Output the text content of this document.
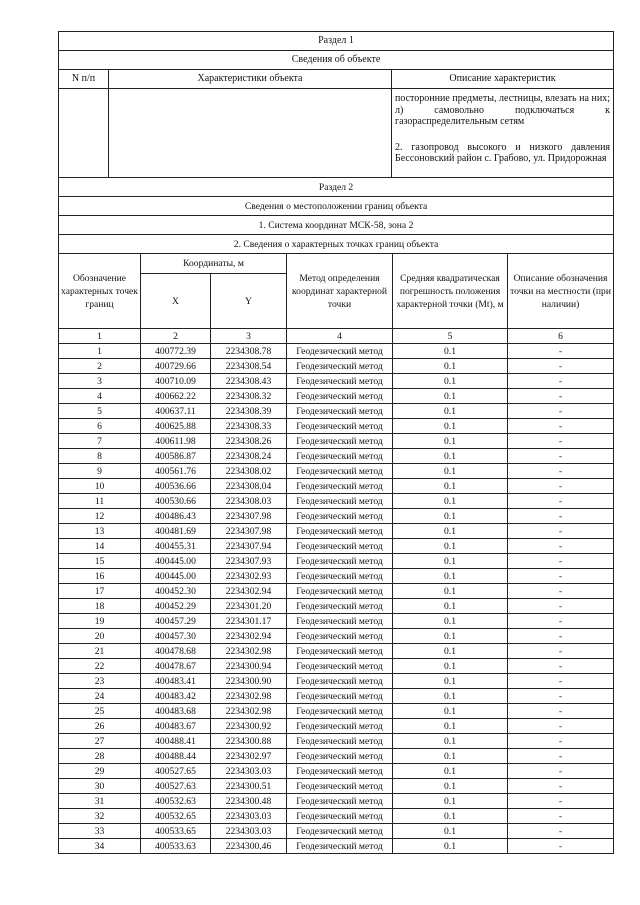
Раздел 1		
Сведения об объекте		
N п/п	Характеристики объекта	Описание характеристик

		посторонние предметы, лестницы, влезать на них; л) самовольно подключаться к газораспределительным сетям

2. газопровод высокого и низкого давления Бессоновский район с. Грабово, ул. Придорожная

Раздел 2					
Сведения о местоположении границ объекта					
1. Система координат МСК-58, зона 2					
2. Сведения о характерных точках границ объекта					
Обозначение характерных точек границ	Координаты, м		Метод определения координат характерной точки	Средняя квадратическая погрешность положения характерной точки (Мt), м	Описание обозначения точки на местности (при наличии)
	X	Y			
1	2	3	4	5	6
1	400772.39	2234308.78	Геодезический метод	0.1	-
2	400729.66	2234308.54	Геодезический метод	0.1	-
3	400710.09	2234308.43	Геодезический метод	0.1	-
4	400662.22	2234308.32	Геодезический метод	0.1	-
5	400637.11	2234308.39	Геодезический метод	0.1	-
6	400625.88	2234308.33	Геодезический метод	0.1	-
7	400611.98	2234308.26	Геодезический метод	0.1	-
8	400586.87	2234308.24	Геодезический метод	0.1	-
9	400561.76	2234308.02	Геодезический метод	0.1	-
10	400536.66	2234308.04	Геодезический метод	0.1	-
11	400530.66	2234308.03	Геодезический метод	0.1	-
12	400486.43	2234307.98	Геодезический метод	0.1	-
13	400481.69	2234307.98	Геодезический метод	0.1	-
14	400455.31	2234307.94	Геодезический метод	0.1	-
15	400445.00	2234307.93	Геодезический метод	0.1	-
16	400445.00	2234302.93	Геодезический метод	0.1	-
17	400452.30	2234302.94	Геодезический метод	0.1	-
18	400452.29	2234301.20	Геодезический метод	0.1	-
19	400457.29	2234301.17	Геодезический метод	0.1	-
20	400457.30	2234302.94	Геодезический метод	0.1	-
21	400478.68	2234302.98	Геодезический метод	0.1	-
22	400478.67	2234300.94	Геодезический метод	0.1	-
23	400483.41	2234300.90	Геодезический метод	0.1	-
24	400483.42	2234302.98	Геодезический метод	0.1	-
25	400483.68	2234302.98	Геодезический метод	0.1	-
26	400483.67	2234300.92	Геодезический метод	0.1	-
27	400488.41	2234300.88	Геодезический метод	0.1	-
28	400488.44	2234302.97	Геодезический метод	0.1	-
29	400527.65	2234303.03	Геодезический метод	0.1	-
30	400527.63	2234300.51	Геодезический метод	0.1	-
31	400532.63	2234300.48	Геодезический метод	0.1	-
32	400532.65	2234303.03	Геодезический метод	0.1	-
33	400533.65	2234303.03	Геодезический метод	0.1	-
34	400533.63	2234300.46	Геодезический метод	0.1	-
